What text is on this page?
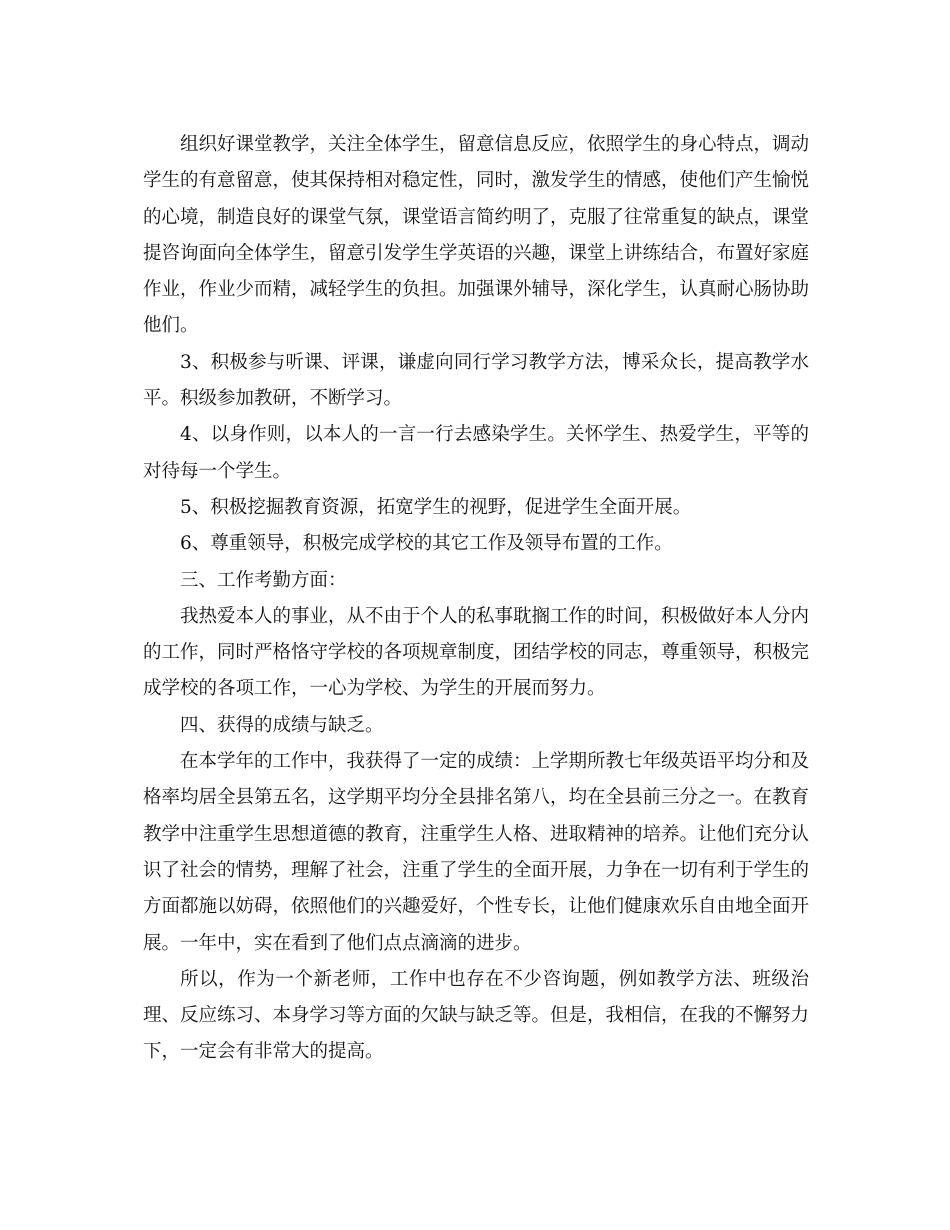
组织好课堂教学，关注全体学生，留意信息反应，依照学生的身心特点，调动学生的有意留意，使其保持相对稳定性，同时，激发学生的情感，使他们产生愉悦的心境，制造良好的课堂气氛，课堂语言简约明了，克服了往常重复的缺点，课堂提咨询面向全体学生，留意引发学生学英语的兴趣，课堂上讲练结合，布置好家庭作业，作业少而精，减轻学生的负担。加强课外辅导，深化学生，认真耐心肠协助他们。

3、积极参与听课、评课，谦虚向同行学习教学方法，博采众长，提高教学水平。积级参加教研，不断学习。

4、以身作则，以本人的一言一行去感染学生。关怀学生、热爱学生，平等的对待每一个学生。

5、积极挖掘教育资源，拓宽学生的视野，促进学生全面开展。

6、尊重领导，积极完成学校的其它工作及领导布置的工作。

三、工作考勤方面：

我热爱本人的事业，从不由于个人的私事耽搁工作的时间，积极做好本人分内的工作，同时严格恪守学校的各项规章制度，团结学校的同志，尊重领导，积极完成学校的各项工作，一心为学校、为学生的开展而努力。

四、获得的成绩与缺乏。

在本学年的工作中，我获得了一定的成绩：上学期所教七年级英语平均分和及格率均居全县第五名，这学期平均分全县排名第八，均在全县前三分之一。在教育教学中注重学生思想道德的教育，注重学生人格、进取精神的培养。让他们充分认识了社会的情势，理解了社会，注重了学生的全面开展，力争在一切有利于学生的方面都施以妨碍，依照他们的兴趣爱好，个性专长，让他们健康欢乐自由地全面开展。一年中，实在看到了他们点点滴滴的进步。

所以，作为一个新老师，工作中也存在不少咨询题，例如教学方法、班级治理、反应练习、本身学习等方面的欠缺与缺乏等。但是，我相信，在我的不懈努力下，一定会有非常大的提高。
